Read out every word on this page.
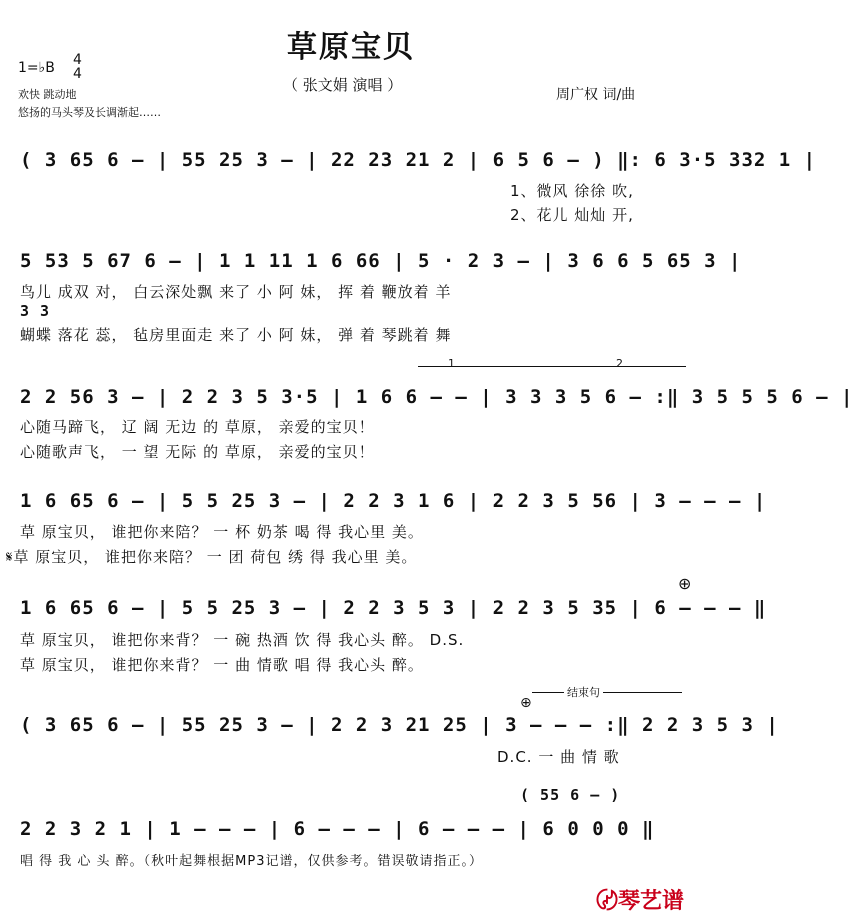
草原宝贝
（ 张文娟 演唱 ）
1=♭B 4
4
欢快 跳动地
悠扬的马头琴及长调渐起……
周广权 词/曲
( 3 65 6 – | 55 25 3 – | 22 23 21 2 | 6 5 6 – ) ‖: 6 3·5 332 1 |
1、微风 徐徐 吹,
2、花儿 灿灿 开,
5 53 5 67 6 – | 1 1 11 1 6 66 | 5 · 2 3 – | 3 6 6 5 65 3 |
3 3
鸟儿 成双 对， 白云深处飘 来了 小 阿 妹， 挥 着 鞭放着 羊
蝴蝶 落花 蕊， 毡房里面走 来了 小 阿 妹， 弹 着 琴跳着 舞
1	2
2 2 56 3 – | 2 2 3 5 3·5 | 1 6 6 – – | 3 3 3 5 6 – :‖ 3 5 5 5 6 – |
心随马蹄飞， 辽 阔 无边 的 草原， 亲爱的宝贝！
心随歌声飞， 一 望 无际 的 草原， 亲爱的宝贝！
1 6 65 6 – | 5 5 25 3 – | 2 2 3 1 6 | 2 2 3 5 56 | 3 – – – |
草 原宝贝， 谁把你来陪？ 一 杯 奶茶 喝 得 我心里 美。
𝄋草 原宝贝， 谁把你来陪？ 一 团 荷包 绣 得 我心里 美。
⊕
1 6 65 6 – | 5 5 25 3 – | 2 2 3 5 3 | 2 2 3 5 35 | 6 – – – ‖
草 原宝贝， 谁把你来背？ 一 碗 热酒 饮 得 我心头 醉。 D.S.
草 原宝贝， 谁把你来背？ 一 曲 情歌 唱 得 我心头 醉。
结束句
⊕
( 3 65 6 – | 55 25 3 – | 2 2 3 21 25 | 3 – – – :‖ 2 2 3 5 3 |
D.C. 一 曲 情 歌
( 55 6 – )
2 2 3 2 1 | 1 – – – | 6 – – – | 6 – – – | 6 0 0 0 ‖
唱 得 我 心 头 醉。（秋叶起舞根据MP3记谱，仅供参考。错误敬请指正。）
〄琴艺谱
